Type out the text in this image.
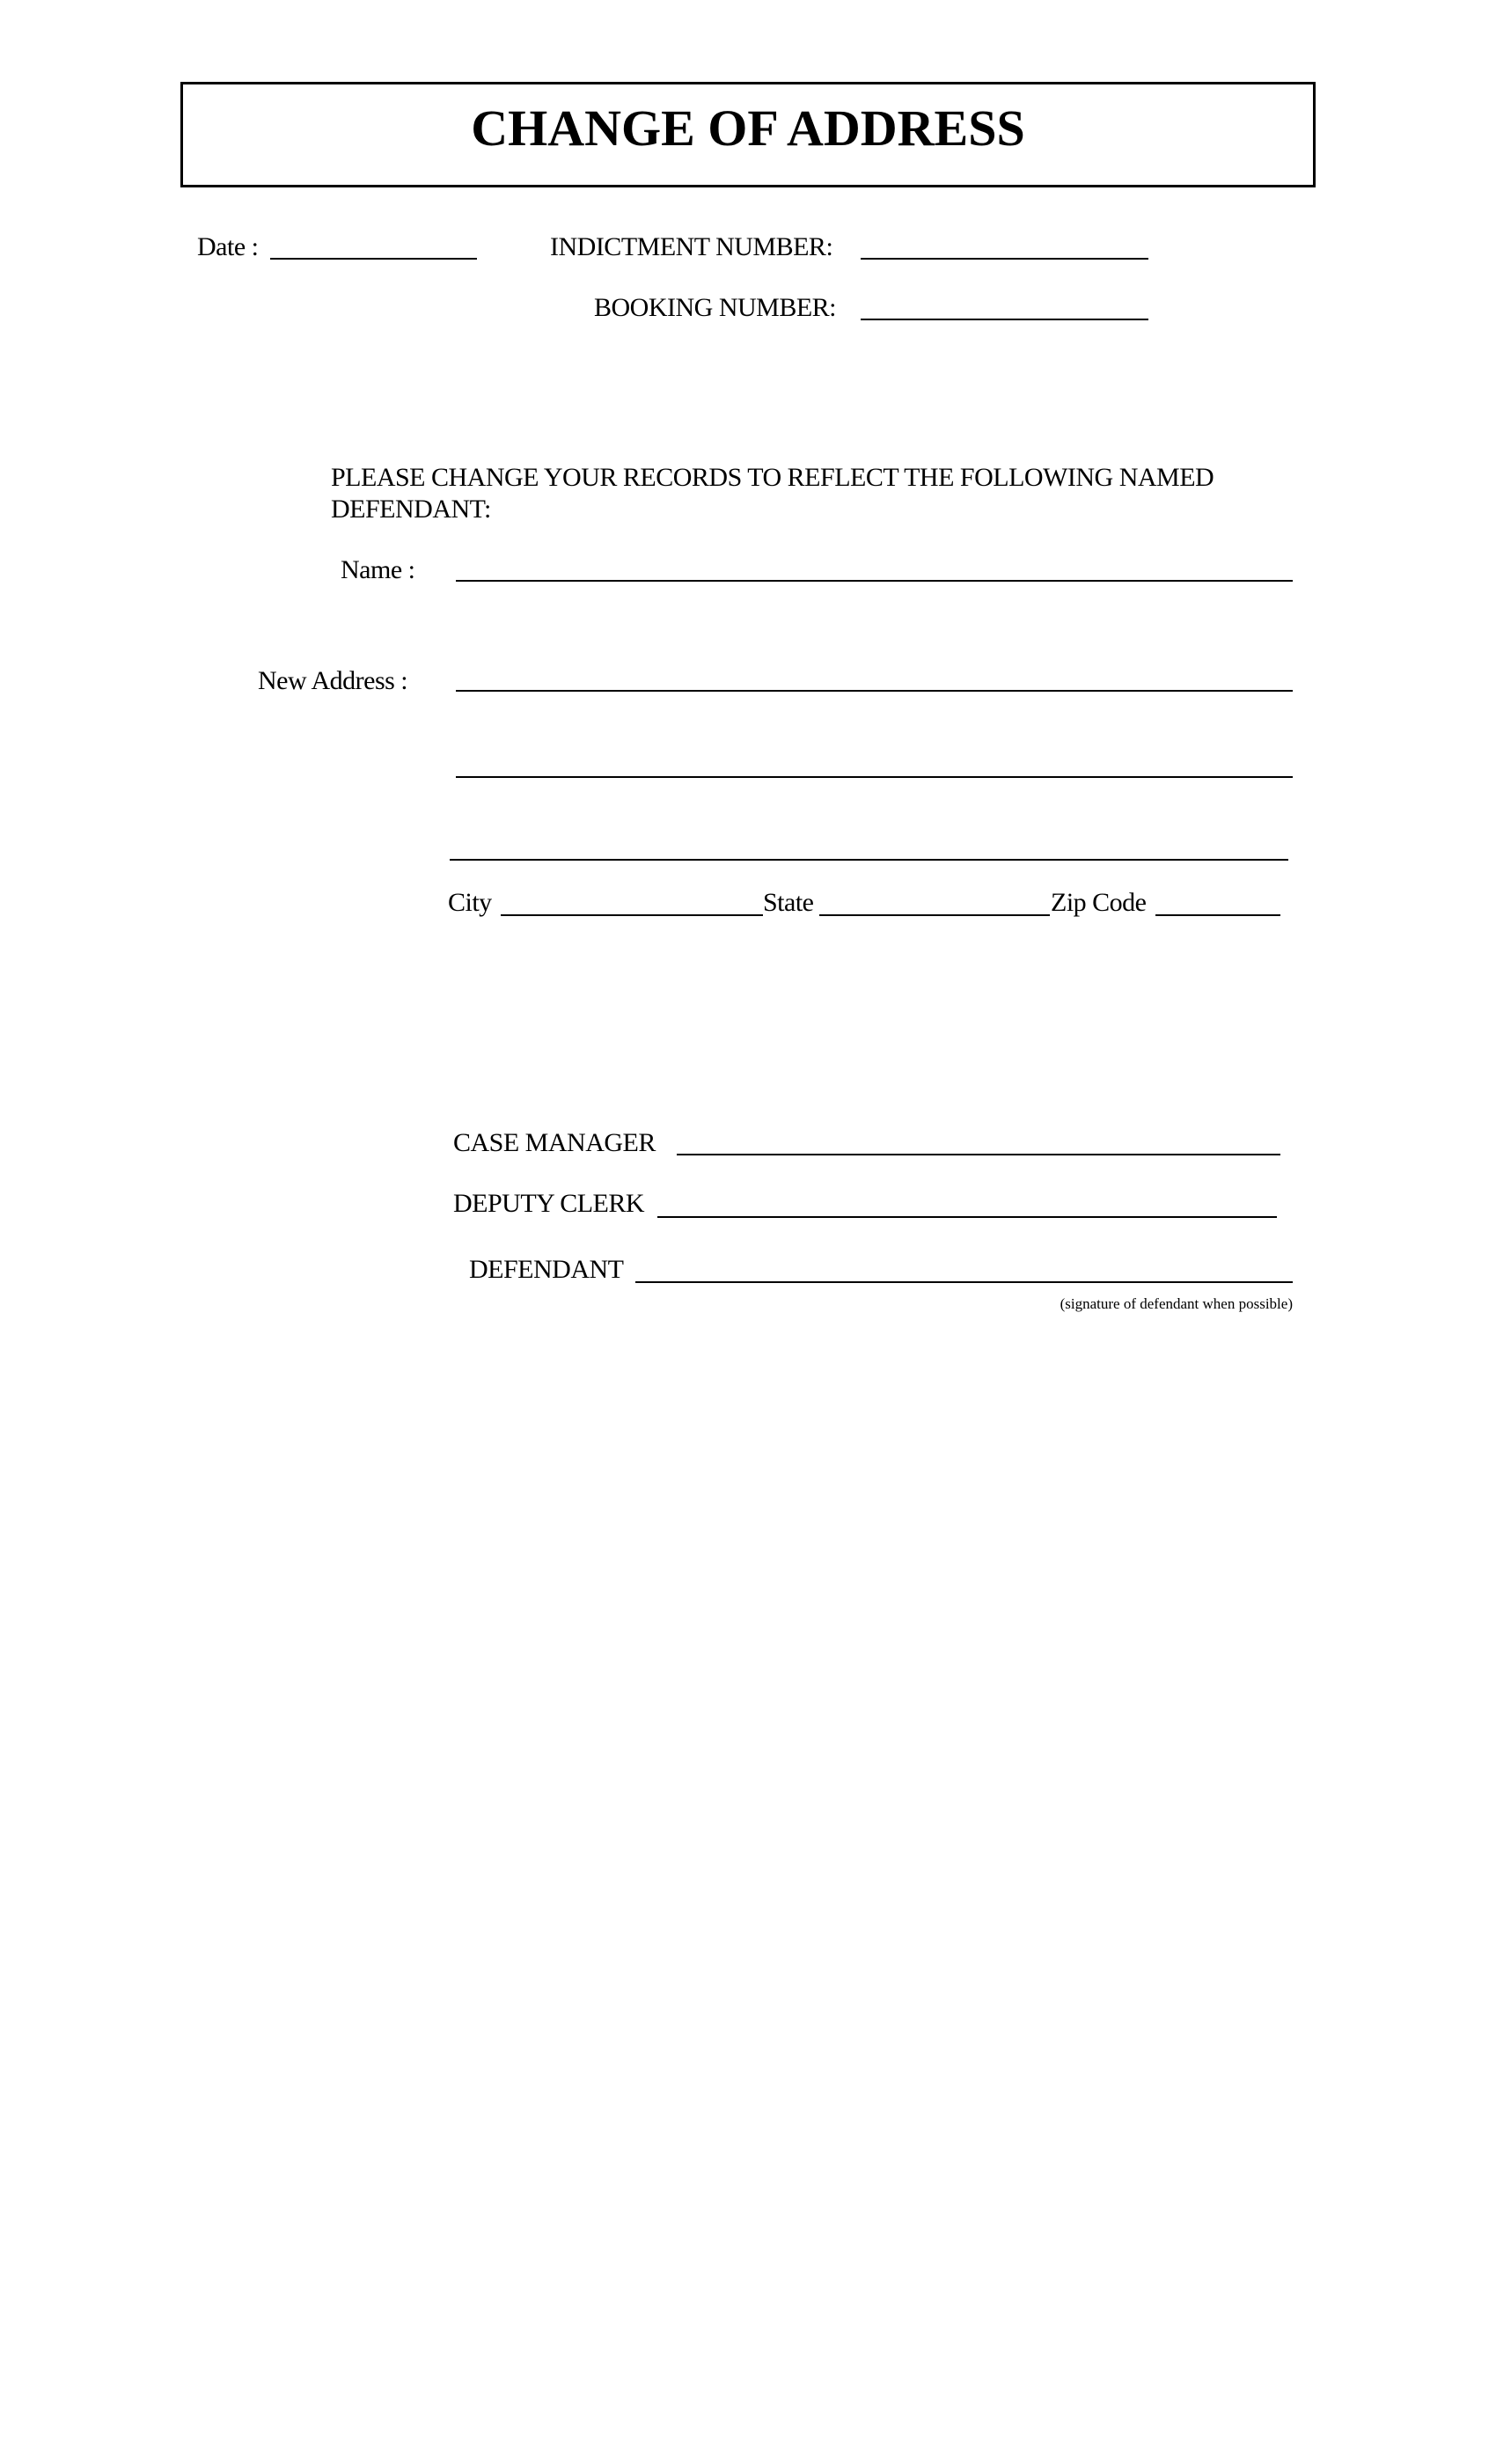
CHANGE OF ADDRESS
Date :	INDICTMENT NUMBER:
BOOKING NUMBER:
PLEASE CHANGE YOUR RECORDS TO REFLECT THE FOLLOWING NAMED
DEFENDANT:
Name :
New Address :
City	State	Zip Code
CASE MANAGER
DEPUTY CLERK
DEFENDANT
(signature of defendant when possible)
